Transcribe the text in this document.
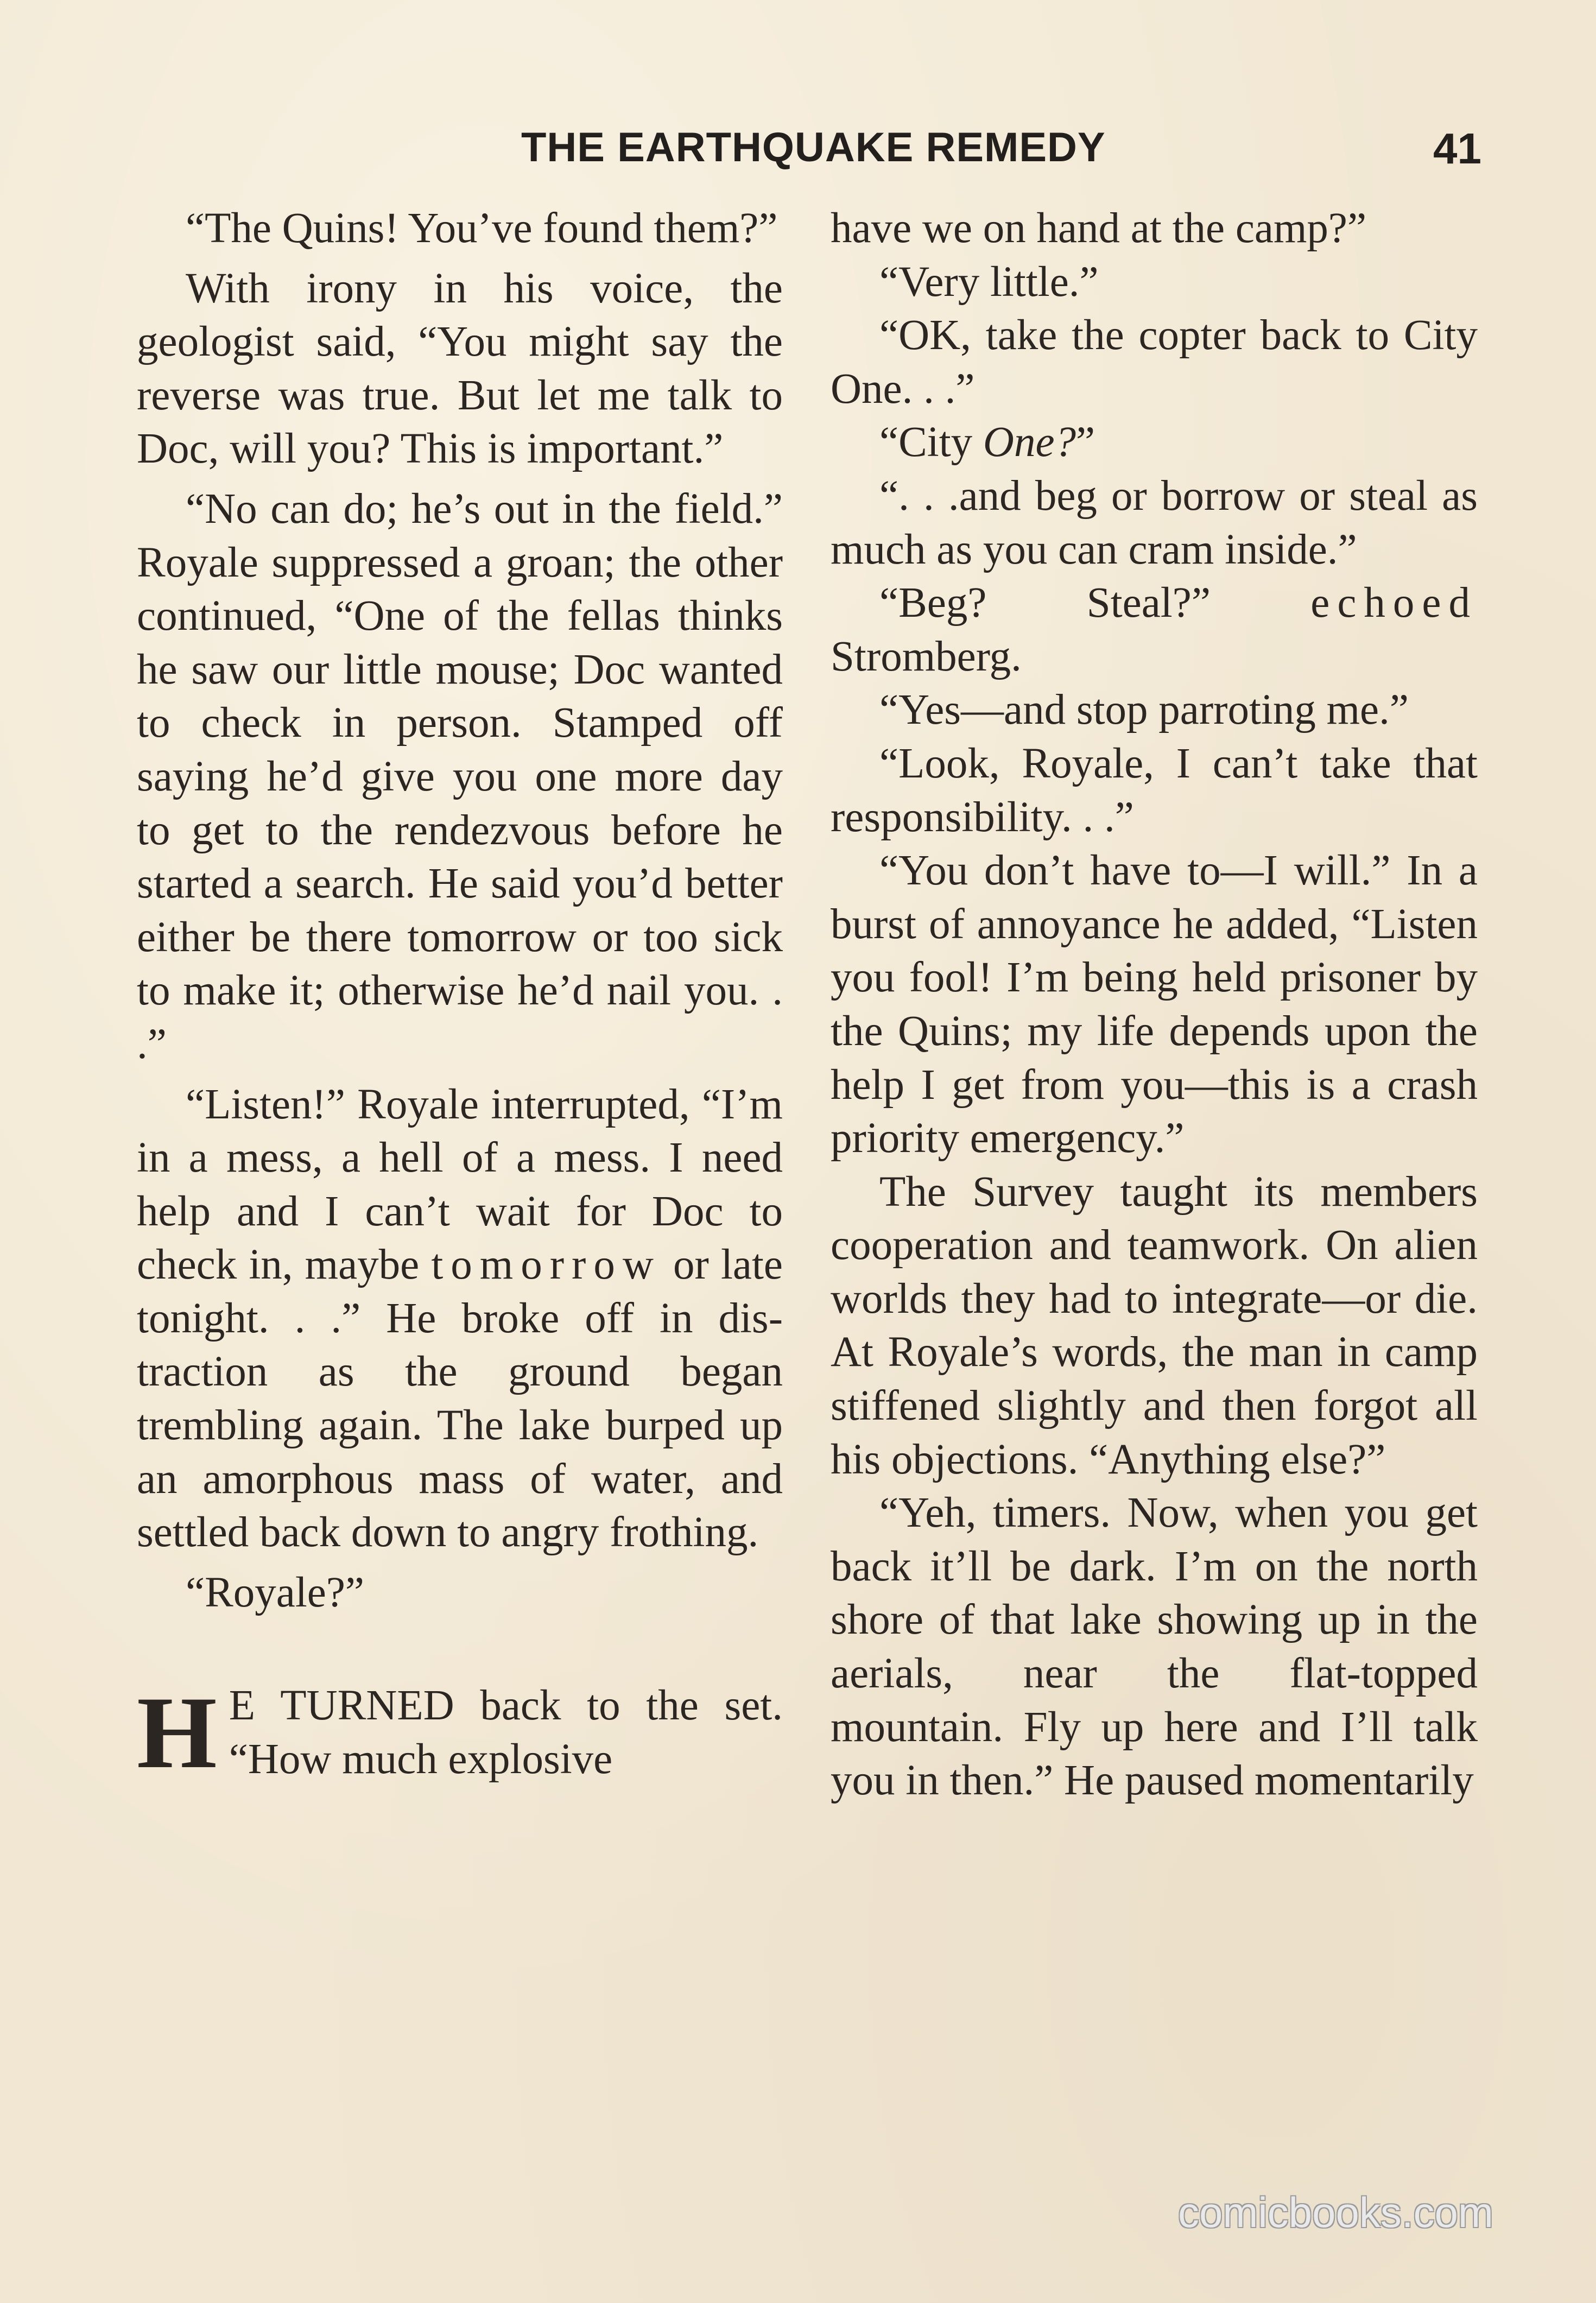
THE EARTHQUAKE REMEDY	41

“The Quins! You’ve found them?”

With irony in his voice, the geologist said, “You might say the reverse was true. But let me talk to Doc, will you? This is important.”

“No can do; he’s out in the field.” Royale suppressed a groan; the other continued, “One of the fellas thinks he saw our little mouse; Doc wanted to check in person. Stamped off saying he’d give you one more day to get to the rendezvous before he started a search. He said you’d better either be there tomorrow or too sick to make it; otherwise he’d nail you. . .”

“Listen!” Royale interrupted, “I’m in a mess, a hell of a mess. I need help and I can’t wait for Doc to check in, maybe tomorrow or late tonight. . .” He broke off in distraction as the ground began trembling again. The lake burped up an amorphous mass of water, and settled back down to angry frothing.

“Royale?”

H E TURNED back to the set. “How much explosive

have we on hand at the camp?”

“Very little.”

“OK, take the copter back to City One. . .”

“City One?”

“. . .and beg or borrow or steal as much as you can cram inside.”

“Beg? Steal?” echoed Stromberg.

“Yes—and stop parroting me.”

“Look, Royale, I can’t take that responsibility. . .”

“You don’t have to—I will.” In a burst of annoyance he added, “Listen you fool! I’m being held prisoner by the Quins; my life depends upon the help I get from you—this is a crash priority emergency.”

The Survey taught its members cooperation and teamwork. On alien worlds they had to integrate—or die. At Royale’s words, the man in camp stiffened slightly and then forgot all his objections. “Anything else?”

“Yeh, timers. Now, when you get back it’ll be dark. I’m on the north shore of that lake showing up in the aerials, near the flat-topped mountain. Fly up here and I’ll talk you in then.” He paused momentarily

comicbooks.com
